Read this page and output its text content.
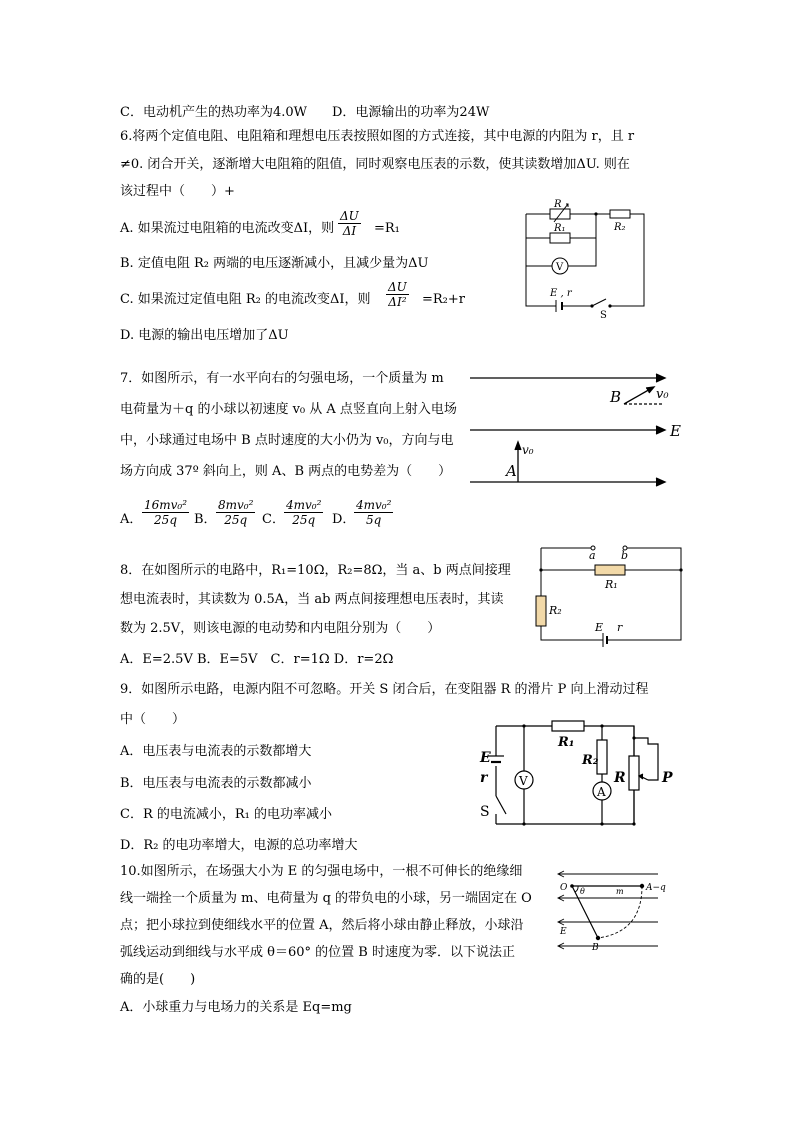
C．电动机产生的热功率为4.0W D．电源输出的功率为24W
6.将两个定值电阻、电阻箱和理想电压表按照如图的方式连接，其中电源的内阻为 r，且 r
≠0. 闭合开关，逐渐增大电阻箱的阻值，同时观察电压表的示数，使其读数增加ΔU. 则在
该过程中（　　）+
A. 如果流过电阻箱的电流改变ΔI，则 $\frac{\Delta U}{\Delta I} =R_1$
B. 定值电阻 R₂ 两端的电压逐渐减小，且减少量为ΔU
C. 如果流过定值电阻 R₂ 的电流改变ΔI，则 $\frac{\Delta U}{\text{ΔI²}} =R_2+r$
D. 电源的输出电压增加了ΔU
R
R₁	R₂
V
E , r
S
7．如图所示，有一水平向右的匀强电场，一个质量为 m
电荷量为＋q 的小球以初速度 v₀ 从 A 点竖直向上射入电场
中，小球通过电场中 B 点时速度的大小仍为 v₀，方向与电
场方向成 37º 斜向上，则 A、B 两点的电势差为（　　）
A． $\frac{\text{16mv₀²}}{25q}$ B． $\frac{\text{8mv₀²}}{25q}$ C． $\frac{\text{4mv₀²}}{25q}$ D．
$\frac{\text{4mv₀²}}{5q}$
B	v₀
E
v₀
A
8．在如图所示的电路中，R₁=10Ω，R₂=8Ω，当 a、b 两点间接理
想电流表时，其读数为 0.5A，当 ab 两点间接理想电压表时，其读
数为 2.5V，则该电源的电动势和内电阻分别为（　　）
A．E=2.5V B．E=5V　C．r=1Ω D．r=2Ω
a b
R₁
R₂
E r
9．如图所示电路，电源内阻不可忽略。开关 S 闭合后，在变阻器 R 的滑片 P 向上滑动过程
中（　　）
A．电压表与电流表的示数都增大
B．电压表与电流表的示数都减小
C．R 的电流减小，R₁ 的电功率减小
D．R₂ 的电功率增大，电源的总功率增大
E
r	V
S
R₁
R₂
A
R	P
10.如图所示，在场强大小为 E 的匀强电场中，一根不可伸长的绝缘细
线一端拴一个质量为 m、电荷量为 q 的带负电的小球，另一端固定在 O
点；把小球拉到使细线水平的位置 A，然后将小球由静止释放，小球沿
弧线运动到细线与水平成 θ＝60° 的位置 B 时速度为零．以下说法正
确的是(　　)
A．小球重力与电场力的关系是 Eq=mg
O θ	m A−q
E
B
